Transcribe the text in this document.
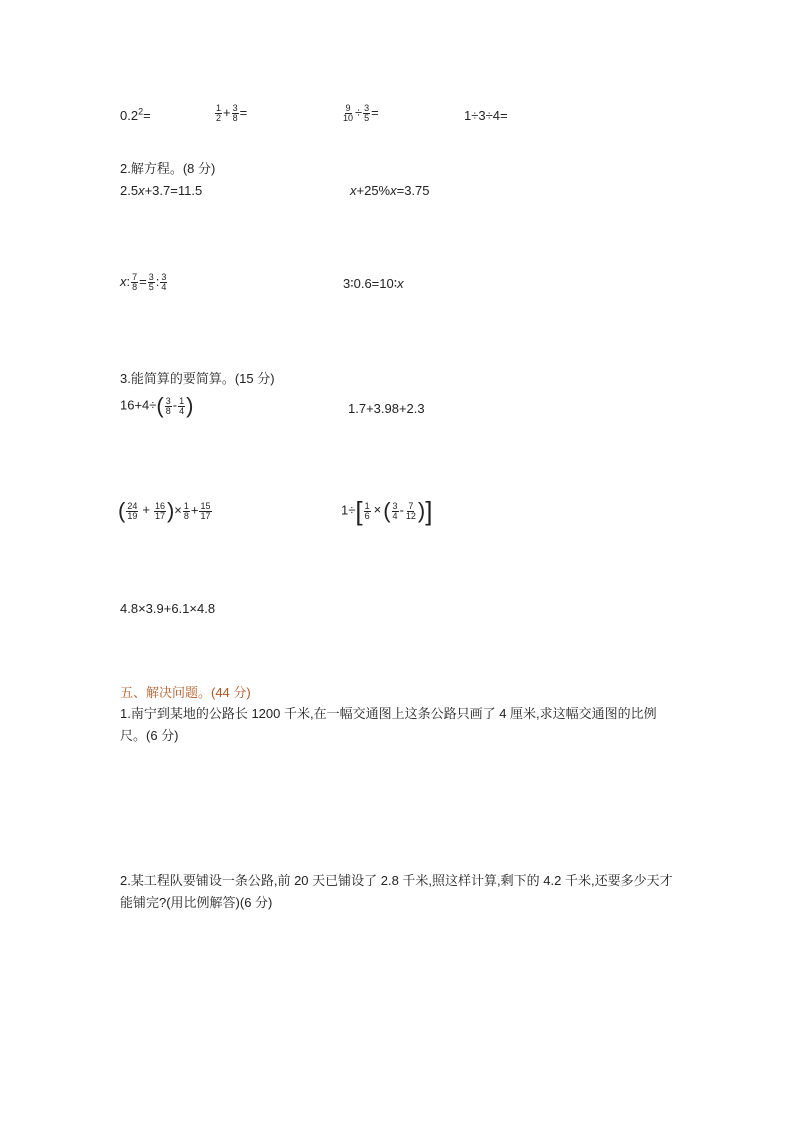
$0.2^2=$	$\frac{1}{2} + \frac{3}{8}$ =	$\frac{9}{10} \div \frac{3}{5}$ =	1÷3÷4=
2.解方程。(8 分)
2.5x+3.7=11.5	x+25%x=3.75
x: $\frac{7}{8} = \frac{3}{5}$ : $\frac{3}{4}$	3∶0.6=10∶x
3.能简算的要简算。(15 分)
$16+4\div( \frac{3}{8} - \frac{1}{4}$ )	1.7+3.98+2.3
( $\frac{24}{19} + \frac{16}{17}$ )× $\frac{1}{8} + \frac{15}{17}$	$1\div[ \frac{1}{6}$ ×( $\frac{3}{4} - \frac{7}{12}$ )]
4.8×3.9+6.1×4.8
五、解决问题。(44 分)
1.南宁到某地的公路长 1200 千米,在一幅交通图上这条公路只画了 4 厘米,求这幅交通图的比例尺。(6 分)
2.某工程队要铺设一条公路,前 20 天已铺设了 2.8 千米,照这样计算,剩下的 4.2 千米,还要多少天才能铺完?(用比例解答)(6 分)
